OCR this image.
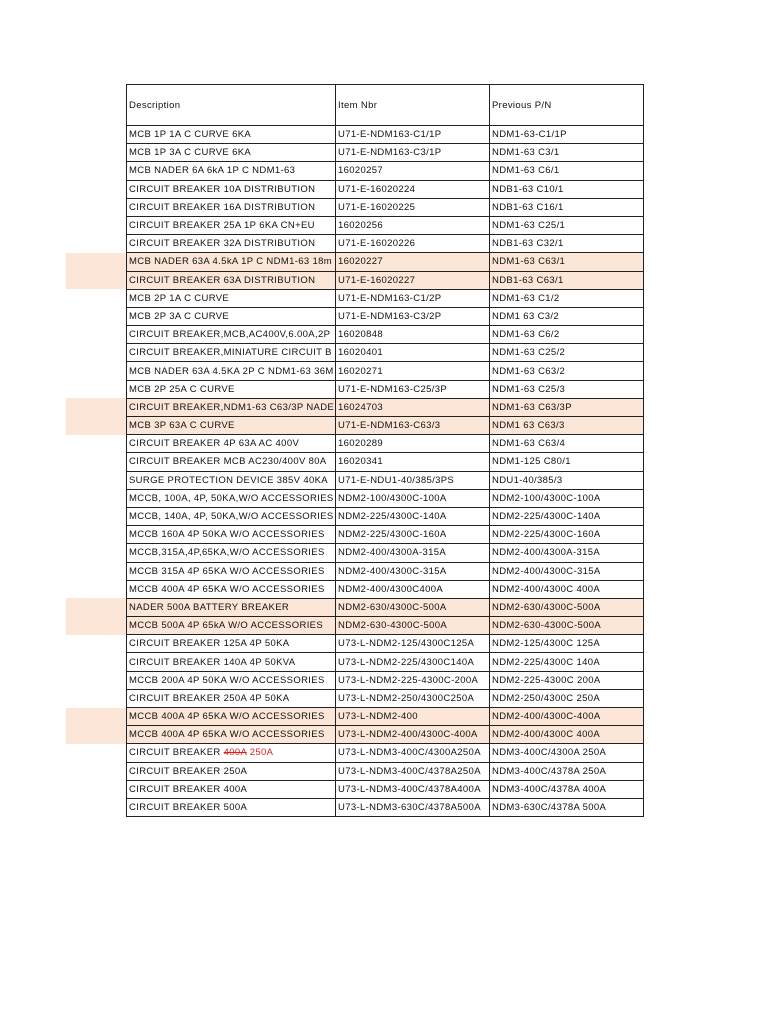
Description	Item Nbr	Previous P/N
MCB 1P 1A C CURVE 6KA	U71-E-NDM163-C1/1P	NDM1-63-C1/1P
MCB 1P 3A C CURVE 6KA	U71-E-NDM163-C3/1P	NDM1-63 C3/1
MCB NADER 6A 6kA 1P C NDM1-63	16020257	NDM1-63 C6/1
CIRCUIT BREAKER 10A DISTRIBUTION	U71-E-16020224	NDB1-63 C10/1
CIRCUIT BREAKER 16A DISTRIBUTION	U71-E-16020225	NDB1-63 C16/1
CIRCUIT BREAKER 25A 1P 6KA CN+EU	16020256	NDM1-63 C25/1
CIRCUIT BREAKER 32A DISTRIBUTION	U71-E-16020226	NDB1-63 C32/1
MCB NADER 63A 4.5kA 1P C NDM1-63 18m	16020227	NDM1-63 C63/1
CIRCUIT BREAKER 63A DISTRIBUTION	U71-E-16020227	NDB1-63 C63/1
MCB 2P 1A C CURVE	U71-E-NDM163-C1/2P	NDM1-63 C1/2
MCB 2P 3A C CURVE	U71-E-NDM163-C3/2P	NDM1 63 C3/2
CIRCUIT BREAKER,MCB,AC400V,6.00A,2P	16020848	NDM1-63 C6/2
CIRCUIT BREAKER,MINIATURE CIRCUIT B	16020401	NDM1-63 C25/2
MCB NADER 63A 4.5KA 2P C NDM1-63 36M	16020271	NDM1-63 C63/2
MCB 2P 25A C CURVE	U71-E-NDM163-C25/3P	NDM1-63 C25/3
CIRCUIT BREAKER,NDM1-63 C63/3P NADE	16024703	NDM1-63 C63/3P
MCB 3P 63A C CURVE	U71-E-NDM163-C63/3	NDM1 63 C63/3
CIRCUIT BREAKER 4P 63A AC 400V	16020289	NDM1-63 C63/4
CIRCUIT BREAKER MCB AC230/400V 80A	16020341	NDM1-125 C80/1
SURGE PROTECTION DEVICE 385V 40KA	U71-E-NDU1-40/385/3PS	NDU1-40/385/3
MCCB, 100A, 4P, 50KA,W/O ACCESSORIES	NDM2-100/4300C-100A	NDM2-100/4300C-100A
MCCB, 140A, 4P, 50KA,W/O ACCESSORIES	NDM2-225/4300C-140A	NDM2-225/4300C-140A
MCCB 160A 4P 50KA W/O ACCESSORIES	NDM2-225/4300C-160A	NDM2-225/4300C-160A
MCCB,315A,4P,65KA,W/O ACCESSORIES	NDM2-400/4300A-315A	NDM2-400/4300A-315A
MCCB 315A 4P 65KA W/O ACCESSORIES	NDM2-400/4300C-315A	NDM2-400/4300C-315A
MCCB 400A 4P 65KA W/O ACCESSORIES	NDM2-400/4300C400A	NDM2-400/4300C 400A
NADER 500A BATTERY BREAKER	NDM2-630/4300C-500A	NDM2-630/4300C-500A
MCCB 500A 4P 65kA W/O ACCESSORIES	NDM2-630-4300C-500A	NDM2-630-4300C-500A
CIRCUIT BREAKER 125A 4P 50KA	U73-L-NDM2-125/4300C125A	NDM2-125/4300C 125A
CIRCUIT BREAKER 140A 4P 50KVA	U73-L-NDM2-225/4300C140A	NDM2-225/4300C 140A
MCCB 200A 4P 50KA W/O ACCESSORIES	U73-L-NDM2-225-4300C-200A	NDM2-225-4300C 200A
CIRCUIT BREAKER 250A 4P 50KA	U73-L-NDM2-250/4300C250A	NDM2-250/4300C 250A
MCCB 400A 4P 65KA W/O ACCESSORIES	U73-L-NDM2-400	NDM2-400/4300C-400A
MCCB 400A 4P 65KA W/O ACCESSORIES	U73-L-NDM2-400/4300C-400A	NDM2-400/4300C 400A
CIRCUIT BREAKER 400A 250A	U73-L-NDM3-400C/4300A250A	NDM3-400C/4300A 250A
CIRCUIT BREAKER 250A	U73-L-NDM3-400C/4378A250A	NDM3-400C/4378A 250A
CIRCUIT BREAKER 400A	U73-L-NDM3-400C/4378A400A	NDM3-400C/4378A 400A
CIRCUIT BREAKER 500A	U73-L-NDM3-630C/4378A500A	NDM3-630C/4378A 500A
